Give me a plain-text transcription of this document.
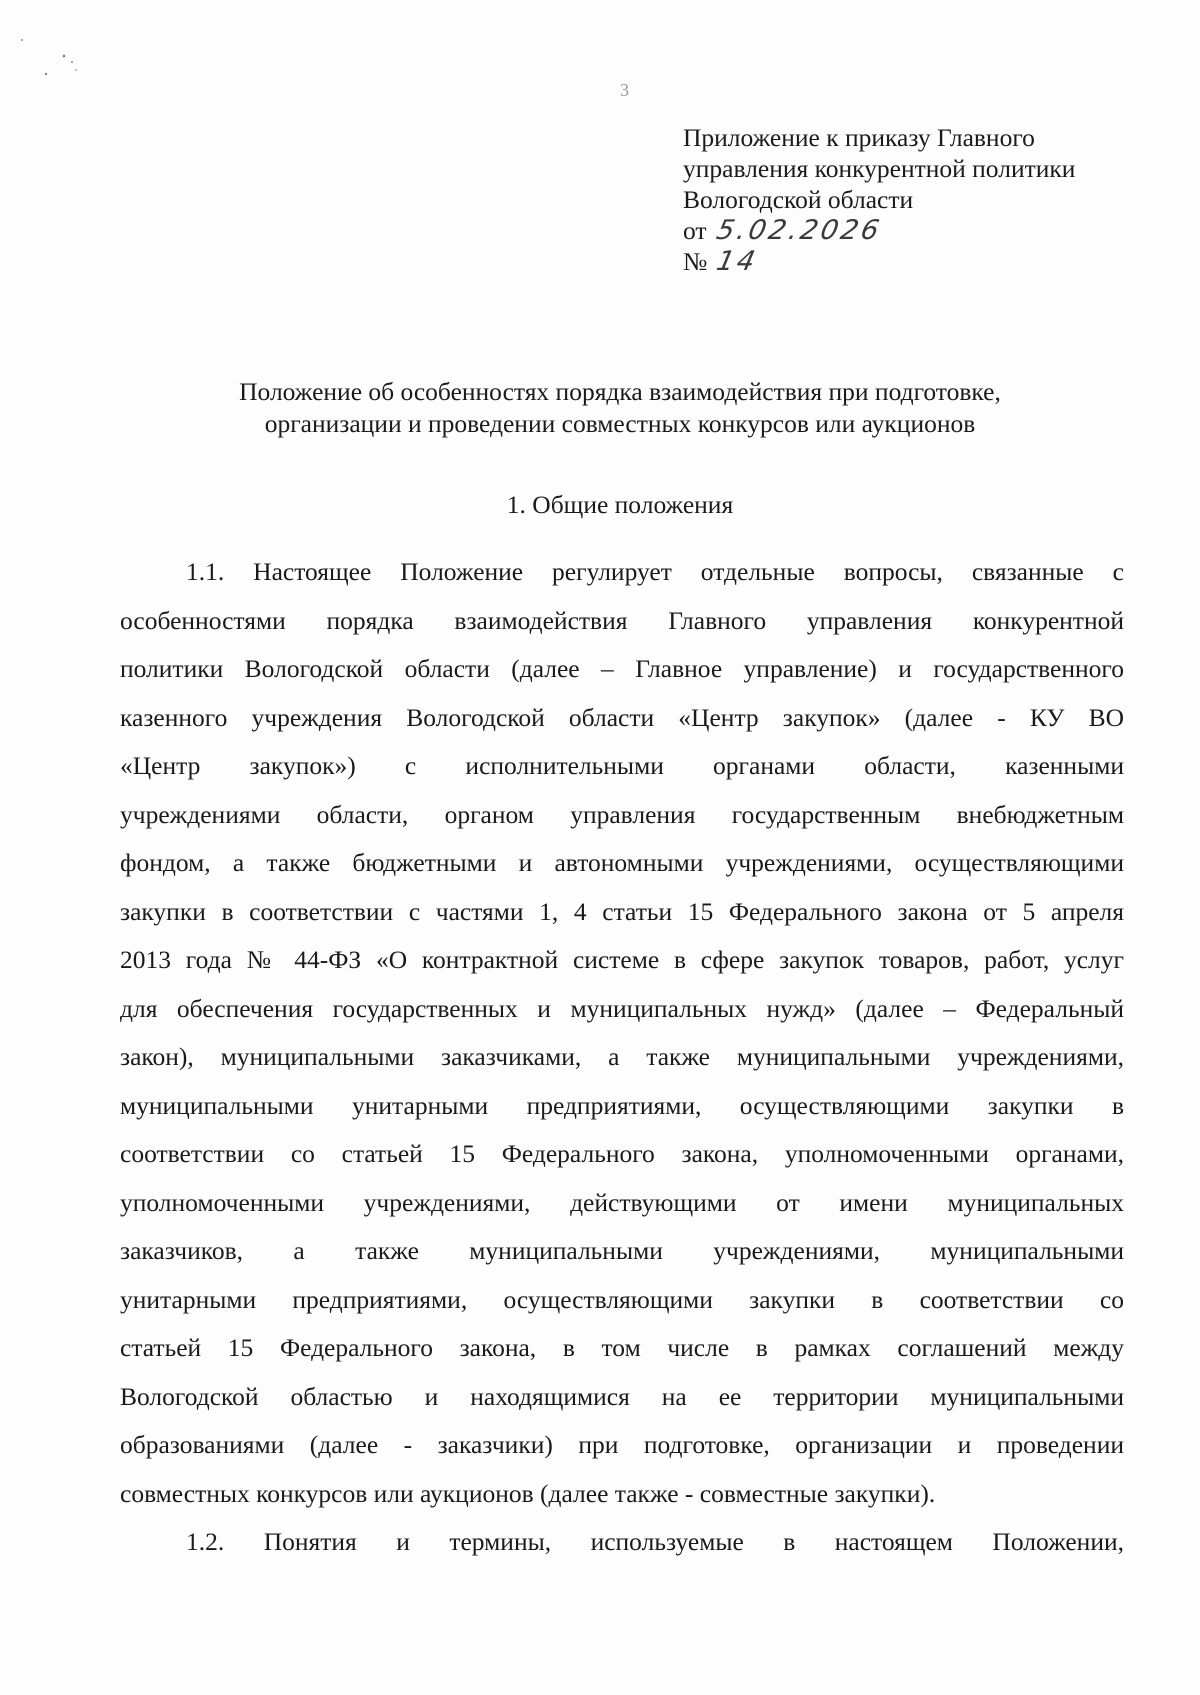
3
Приложение к приказу Главного
управления конкурентной политики
Вологодской области
от 5.02.2026
№ 14
Положение об особенностях порядка взаимодействия при подготовке,
организации и проведении совместных конкурсов или аукционов
1. Общие положения
1.1. Настоящее Положение регулирует отдельные вопросы, связанные с
особенностями порядка взаимодействия Главного управления конкурентной
политики Вологодской области (далее – Главное управление) и государственного
казенного учреждения Вологодской области «Центр закупок» (далее - КУ ВО
«Центр закупок») с исполнительными органами области, казенными
учреждениями области, органом управления государственным внебюджетным
фондом, а также бюджетными и автономными учреждениями, осуществляющими
закупки в соответствии с частями 1, 4 статьи 15 Федерального закона от 5 апреля
2013 года № 44-ФЗ «О контрактной системе в сфере закупок товаров, работ, услуг
для обеспечения государственных и муниципальных нужд» (далее – Федеральный
закон), муниципальными заказчиками, а также муниципальными учреждениями,
муниципальными унитарными предприятиями, осуществляющими закупки в
соответствии со статьей 15 Федерального закона, уполномоченными органами,
уполномоченными учреждениями, действующими от имени муниципальных
заказчиков, а также муниципальными учреждениями, муниципальными
унитарными предприятиями, осуществляющими закупки в соответствии со
статьей 15 Федерального закона, в том числе в рамках соглашений между
Вологодской областью и находящимися на ее территории муниципальными
образованиями (далее - заказчики) при подготовке, организации и проведении
совместных конкурсов или аукционов (далее также - совместные закупки).
1.2. Понятия и термины, используемые в настоящем Положении,
